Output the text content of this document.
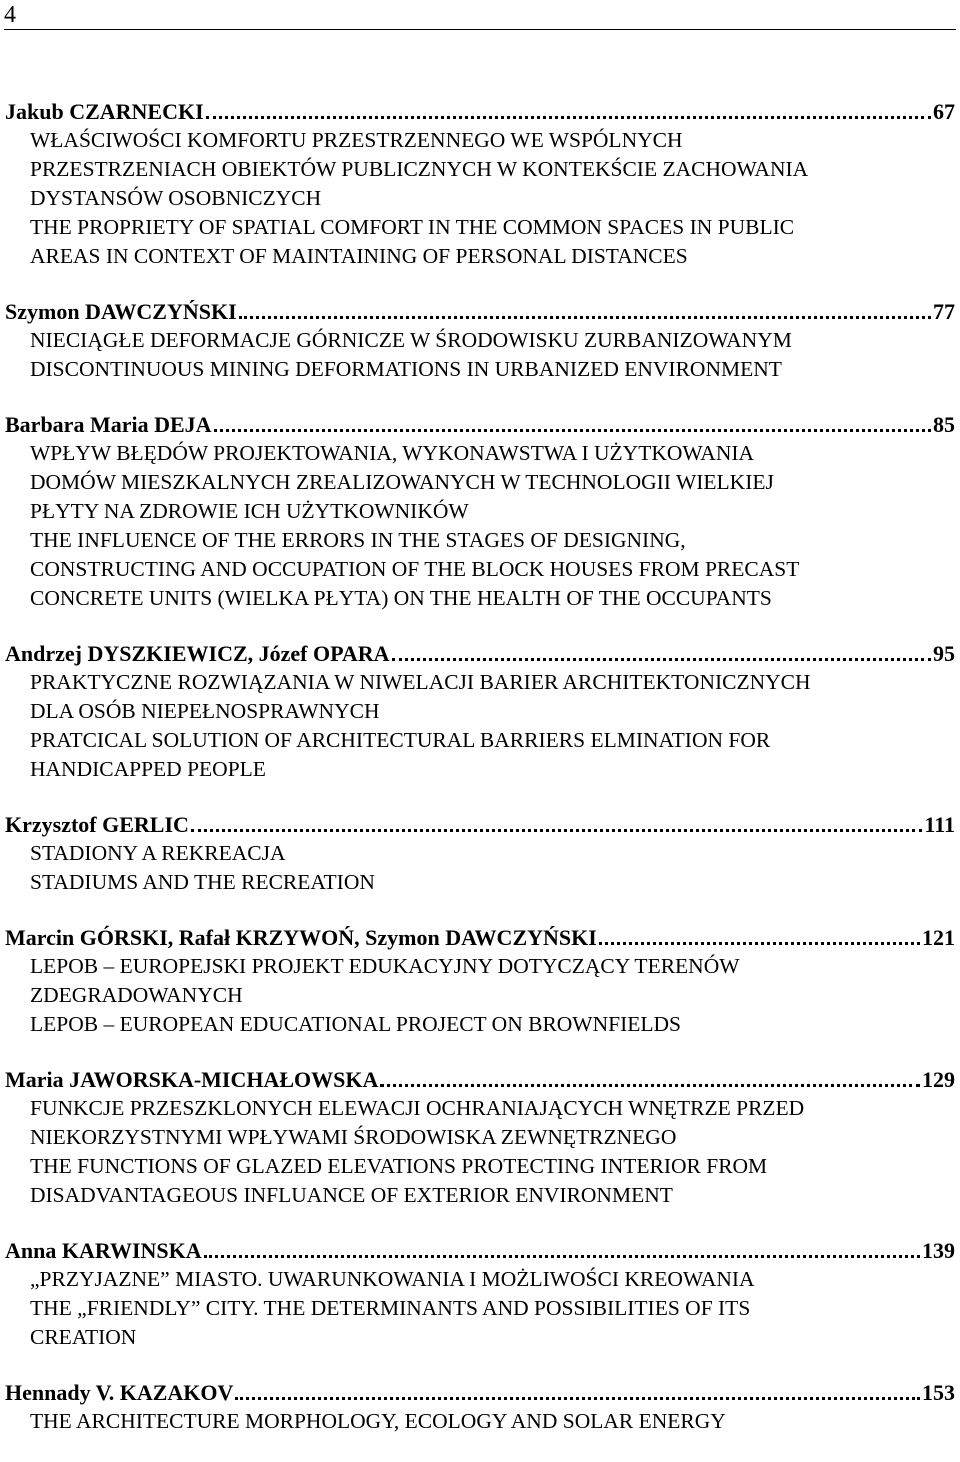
4
Jakub CZARNECKI	67
WŁAŚCIWOŚCI KOMFORTU PRZESTRZENNEGO WE WSPÓLNYCH
PRZESTRZENIACH OBIEKTÓW PUBLICZNYCH W KONTEKŚCIE ZACHOWANIA
DYSTANSÓW OSOBNICZYCH
THE PROPRIETY OF SPATIAL COMFORT IN THE COMMON SPACES IN PUBLIC
AREAS IN CONTEXT OF MAINTAINING OF PERSONAL DISTANCES
Szymon DAWCZYŃSKI	77
NIECIĄGŁE DEFORMACJE GÓRNICZE W ŚRODOWISKU ZURBANIZOWANYM
DISCONTINUOUS MINING DEFORMATIONS IN URBANIZED ENVIRONMENT
Barbara Maria DEJA	85
WPŁYW BŁĘDÓW PROJEKTOWANIA, WYKONAWSTWA I UŻYTKOWANIA
DOMÓW MIESZKALNYCH ZREALIZOWANYCH W TECHNOLOGII WIELKIEJ
PŁYTY NA ZDROWIE ICH UŻYTKOWNIKÓW
THE INFLUENCE OF THE ERRORS IN THE STAGES OF DESIGNING,
CONSTRUCTING AND OCCUPATION OF THE BLOCK HOUSES FROM PRECAST
CONCRETE UNITS (WIELKA PŁYTA) ON THE HEALTH OF THE OCCUPANTS
Andrzej DYSZKIEWICZ, Józef OPARA	95
PRAKTYCZNE ROZWIĄZANIA W NIWELACJI BARIER ARCHITEKTONICZNYCH
DLA OSÓB NIEPEŁNOSPRAWNYCH
PRATCICAL SOLUTION OF ARCHITECTURAL BARRIERS ELMINATION FOR
HANDICAPPED PEOPLE
Krzysztof GERLIC	111
STADIONY A REKREACJA
STADIUMS AND THE RECREATION
Marcin GÓRSKI, Rafał KRZYWOŃ, Szymon DAWCZYŃSKI	121
LEPOB – EUROPEJSKI PROJEKT EDUKACYJNY DOTYCZĄCY TERENÓW
ZDEGRADOWANYCH
LEPOB – EUROPEAN EDUCATIONAL PROJECT ON BROWNFIELDS
Maria JAWORSKA-MICHAŁOWSKA	129
FUNKCJE PRZESZKLONYCH ELEWACJI OCHRANIAJĄCYCH WNĘTRZE PRZED
NIEKORZYSTNYMI WPŁYWAMI ŚRODOWISKA ZEWNĘTRZNEGO
THE FUNCTIONS OF GLAZED ELEVATIONS PROTECTING INTERIOR FROM
DISADVANTAGEOUS INFLUANCE OF EXTERIOR ENVIRONMENT
Anna KARWINSKA	139
„PRZYJAZNE” MIASTO. UWARUNKOWANIA I MOŻLIWOŚCI KREOWANIA
THE „FRIENDLY” CITY. THE DETERMINANTS AND POSSIBILITIES OF ITS
CREATION
Hennady V. KAZAKOV	153
THE ARCHITECTURE MORPHOLOGY, ECOLOGY AND SOLAR ENERGY
